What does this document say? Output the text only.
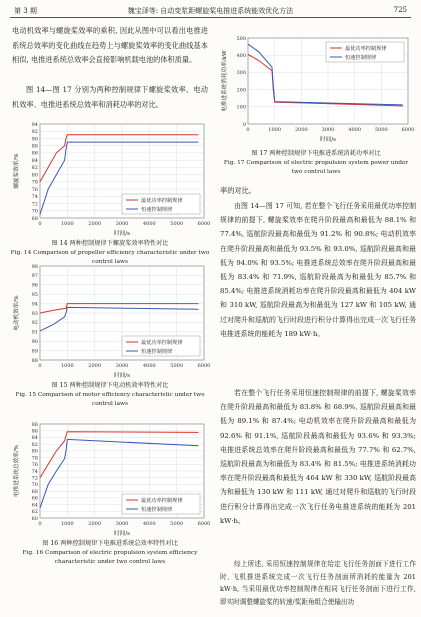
第 3 期	魏宝泽等: 自动变浆距螺旋桨电推进系统能效优化方法	725

电动机效率与螺旋桨效率的乘积, 因此从图中可以看出电推进系统总效率的变化曲线在趋势上与螺旋桨效率的变化曲线基本相似, 电推进系统总效率会直接影响机载电池的体积质量。

图 14—图 17 分别为两种控制规律下螺旋桨效率、电动机效率、电推进系统总效率和消耗功率的对比。

68
70
72
74
76
78
80
82
84
86
88
90
92
94
0	1000	2000	3000	4000	5000	6000
时间/s
螺旋桨效率/%
最优功率控制规律
恒速控制规律
图 14 两种控制规律下螺旋桨效率特性对比
Fig. 14 Comparison of propeller efficiency characteristic under two control laws
88
89
90
91
92
93
94
95
96
97
98
0	1000	2000	3000	4000	5000	6000
时间/s
电动机效率/%
最优功率控制规律
恒速控制规律
图 15 两种控制规律下电动机效率特性对比
Fig. 15 Comparison of motor efficiency characteristic under two control laws
60
62
64
66
68
70
72
74
76
78
80
82
84
86
88
0	1000	2000	3000	4000	5000	6000
时间/s
电推进系统总效率/%
最优功率控制规律
恒速控制规律
图 16 两种控制规律下电推进系统总效率特性对比
Fig. 16 Comparison of electric propulsion system efficiency characteristic under two control laws
0
100
200
300
400
500
0	1000	2000	3000	4000	5000	6000
时间/s
电推进系统消耗功率/kW
最优功率控制规律
恒速控制规律
图 17 两种控制规律下电推进系统消耗功率对比
Fig. 17 Comparison of electric propulsion system power under two control laws

率的对比。

由图 14—图 17 可知, 若在整个飞行任务采用最优功率控制规律的前提下, 螺旋桨效率在爬升阶段最高和最低为 88.1% 和 77.4%, 巡航阶段最高和最低为 91.2% 和 90.8%; 电动机效率在爬升阶段最高和最低为 93.5% 和 93.0%, 巡航阶段最高和最低为 94.0% 和 93.5%; 电推进系统总效率在爬升阶段最高和最低为 83.4% 和 71.9%, 巡航阶段最高为和最低为 85.7% 和 85.4%; 电推进系统消耗功率在爬升阶段最高和最低为 404 kW 和 310 kW, 巡航阶段最高为和最低为 127 kW 和 105 kW, 通过对爬升和巡航的飞行时段进行积分计算得出完成一次飞行任务电推进系统的能耗为 189 kW·h。

若在整个飞行任务采用恒速控制规律的前提下, 螺旋桨效率在爬升阶段最高和最低为 83.8% 和 68.9%, 巡航阶段最高和最低为 89.1% 和 87.4%; 电动机效率在爬升阶段最高和最低为 92.6% 和 91.1%, 巡航阶段最高和最低为 93.6% 和 93.3%; 电推进系统总效率在爬升阶段最高和最低为 77.7% 和 62.7%, 巡航阶段最高为和最低为 83.4% 和 81.5%; 电推进系统消耗功率在爬升阶段最高和最低为 464 kW 和 330 kW, 巡航阶段最高为和最低为 130 kW 和 111 kW, 通过对爬升和巡航的飞行时段进行积分计算得出完成一次飞行任务电推进系统的能耗为 201 kW·h。

综上所述, 采用恒速控制规律在给定飞行任务剖面下进行工作时, 飞机推进系统完成一次飞行任务剖面所消耗的能量为 201 kW·h, 当采用最优功率控制规律在相同飞行任务剖面下进行工作, 即实时调整螺旋桨的转速/桨距角组合使输出功
